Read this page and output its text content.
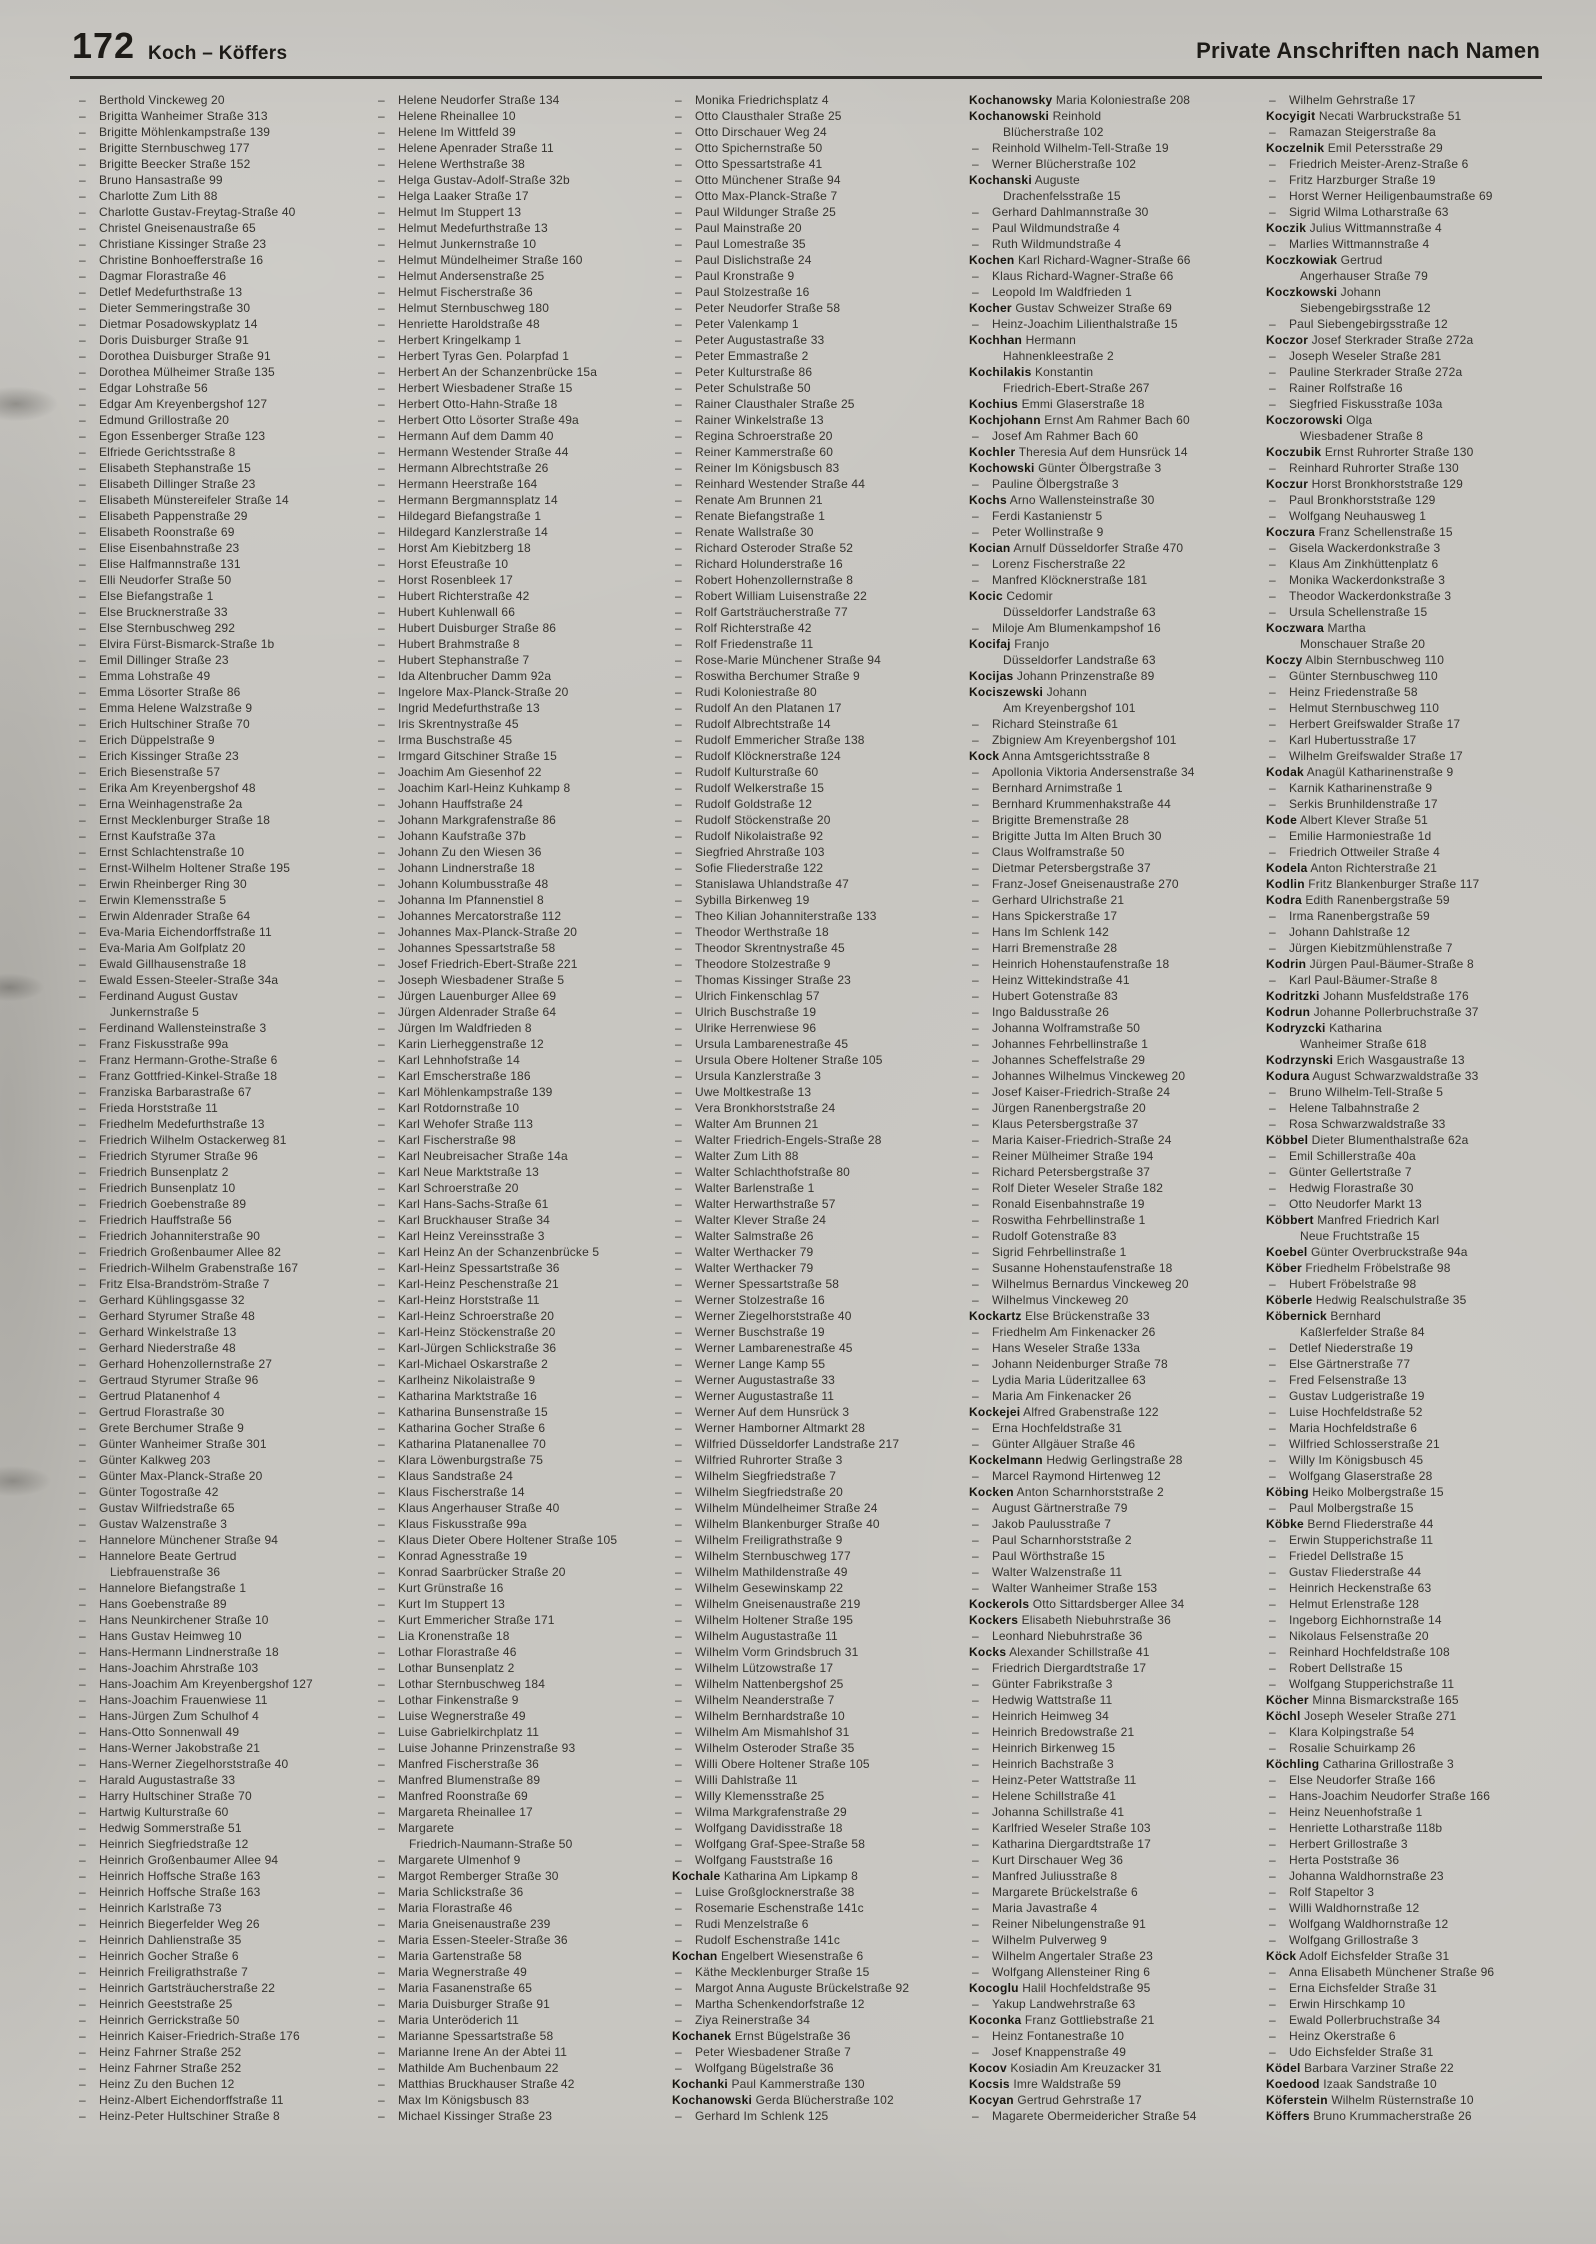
172 Koch – Köffers	Private Anschriften nach Namen
– Berthold Vinckeweg 20
– Brigitta Wanheimer Straße 313
– Brigitte Möhlenkampstraße 139
– Brigitte Sternbuschweg 177
– Brigitte Beecker Straße 152
– Bruno Hansastraße 99
– Charlotte Zum Lith 88
– Charlotte Gustav-Freytag-Straße 40
– Christel Gneisenaustraße 65
– Christiane Kissinger Straße 23
– Christine Bonhoefferstraße 16
– Dagmar Florastraße 46
– Detlef Medefurthstraße 13
– Dieter Semmeringstraße 30
– Dietmar Posadowskyplatz 14
– Doris Duisburger Straße 91
– Dorothea Duisburger Straße 91
– Dorothea Mülheimer Straße 135
– Edgar Lohstraße 56
– Edgar Am Kreyenbergshof 127
– Edmund Grillostraße 20
– Egon Essenberger Straße 123
– Elfriede Gerichtsstraße 8
– Elisabeth Stephanstraße 15
– Elisabeth Dillinger Straße 23
– Elisabeth Münstereifeler Straße 14
– Elisabeth Pappenstraße 29
– Elisabeth Roonstraße 69
– Elise Eisenbahnstraße 23
– Elise Halfmannstraße 131
– Elli Neudorfer Straße 50
– Else Biefangstraße 1
– Else Brucknerstraße 33
– Else Sternbuschweg 292
– Elvira Fürst-Bismarck-Straße 1b
– Emil Dillinger Straße 23
– Emma Lohstraße 49
– Emma Lösorter Straße 86
– Emma Helene Walzstraße 9
– Erich Hultschiner Straße 70
– Erich Düppelstraße 9
– Erich Kissinger Straße 23
– Erich Biesenstraße 57
– Erika Am Kreyenbergshof 48
– Erna Weinhagenstraße 2a
– Ernst Mecklenburger Straße 18
– Ernst Kaufstraße 37a
– Ernst Schlachtenstraße 10
– Ernst-Wilhelm Holtener Straße 195
– Erwin Rheinberger Ring 30
– Erwin Klemensstraße 5
– Erwin Aldenrader Straße 64
– Eva-Maria Eichendorffstraße 11
– Eva-Maria Am Golfplatz 20
– Ewald Gillhausenstraße 18
– Ewald Essen-Steeler-Straße 34a
– Ferdinand August Gustav
Junkernstraße 5
– Ferdinand Wallensteinstraße 3
– Franz Fiskusstraße 99a
– Franz Hermann-Grothe-Straße 6
– Franz Gottfried-Kinkel-Straße 18
– Franziska Barbarastraße 67
– Frieda Horststraße 11
– Friedhelm Medefurthstraße 13
– Friedrich Wilhelm Ostackerweg 81
– Friedrich Styrumer Straße 96
– Friedrich Bunsenplatz 2
– Friedrich Bunsenplatz 10
– Friedrich Goebenstraße 89
– Friedrich Hauffstraße 56
– Friedrich Johanniterstraße 90
– Friedrich Großenbaumer Allee 82
– Friedrich-Wilhelm Grabenstraße 167
– Fritz Elsa-Brandström-Straße 7
– Gerhard Kühlingsgasse 32
– Gerhard Styrumer Straße 48
– Gerhard Winkelstraße 13
– Gerhard Niederstraße 48
– Gerhard Hohenzollernstraße 27
– Gertraud Styrumer Straße 96
– Gertrud Platanenhof 4
– Gertrud Florastraße 30
– Grete Berchumer Straße 9
– Günter Wanheimer Straße 301
– Günter Kalkweg 203
– Günter Max-Planck-Straße 20
– Günter Togostraße 42
– Gustav Wilfriedstraße 65
– Gustav Walzenstraße 3
– Hannelore Münchener Straße 94
– Hannelore Beate Gertrud
Liebfrauenstraße 36
– Hannelore Biefangstraße 1
– Hans Goebenstraße 89
– Hans Neunkirchener Straße 10
– Hans Gustav Heimweg 10
– Hans-Hermann Lindnerstraße 18
– Hans-Joachim Ahrstraße 103
– Hans-Joachim Am Kreyenbergshof 127
– Hans-Joachim Frauenwiese 11
– Hans-Jürgen Zum Schulhof 4
– Hans-Otto Sonnenwall 49
– Hans-Werner Jakobstraße 21
– Hans-Werner Ziegelhorststraße 40
– Harald Augustastraße 33
– Harry Hultschiner Straße 70
– Hartwig Kulturstraße 60
– Hedwig Sommerstraße 51
– Heinrich Siegfriedstraße 12
– Heinrich Großenbaumer Allee 94
– Heinrich Hoffsche Straße 163
– Heinrich Hoffsche Straße 163
– Heinrich Karlstraße 73
– Heinrich Biegerfelder Weg 26
– Heinrich Dahlienstraße 35
– Heinrich Gocher Straße 6
– Heinrich Freiligrathstraße 7
– Heinrich Gartsträucherstraße 22
– Heinrich Geeststraße 25
– Heinrich Gerrickstraße 50
– Heinrich Kaiser-Friedrich-Straße 176
– Heinz Fahrner Straße 252
– Heinz Fahrner Straße 252
– Heinz Zu den Buchen 12
– Heinz-Albert Eichendorffstraße 11
– Heinz-Peter Hultschiner Straße 8
– Helene Neudorfer Straße 134
– Helene Rheinallee 10
– Helene Im Wittfeld 39
– Helene Apenrader Straße 11
– Helene Werthstraße 38
– Helga Gustav-Adolf-Straße 32b
– Helga Laaker Straße 17
– Helmut Im Stuppert 13
– Helmut Medefurthstraße 13
– Helmut Junkernstraße 10
– Helmut Mündelheimer Straße 160
– Helmut Andersenstraße 25
– Helmut Fischerstraße 36
– Helmut Sternbuschweg 180
– Henriette Haroldstraße 48
– Herbert Kringelkamp 1
– Herbert Tyras Gen. Polarpfad 1
– Herbert An der Schanzenbrücke 15a
– Herbert Wiesbadener Straße 15
– Herbert Otto-Hahn-Straße 18
– Herbert Otto Lösorter Straße 49a
– Hermann Auf dem Damm 40
– Hermann Westender Straße 44
– Hermann Albrechtstraße 26
– Hermann Heerstraße 164
– Hermann Bergmannsplatz 14
– Hildegard Biefangstraße 1
– Hildegard Kanzlerstraße 14
– Horst Am Kiebitzberg 18
– Horst Efeustraße 10
– Horst Rosenbleek 17
– Hubert Richterstraße 42
– Hubert Kuhlenwall 66
– Hubert Duisburger Straße 86
– Hubert Brahmstraße 8
– Hubert Stephanstraße 7
– Ida Altenbrucher Damm 92a
– Ingelore Max-Planck-Straße 20
– Ingrid Medefurthstraße 13
– Iris Skrentnystraße 45
– Irma Buschstraße 45
– Irmgard Gitschiner Straße 15
– Joachim Am Giesenhof 22
– Joachim Karl-Heinz Kuhkamp 8
– Johann Hauffstraße 24
– Johann Markgrafenstraße 86
– Johann Kaufstraße 37b
– Johann Zu den Wiesen 36
– Johann Lindnerstraße 18
– Johann Kolumbusstraße 48
– Johanna Im Pfannenstiel 8
– Johannes Mercatorstraße 112
– Johannes Max-Planck-Straße 20
– Johannes Spessartstraße 58
– Josef Friedrich-Ebert-Straße 221
– Joseph Wiesbadener Straße 5
– Jürgen Lauenburger Allee 69
– Jürgen Aldenrader Straße 64
– Jürgen Im Waldfrieden 8
– Karin Lierheggenstraße 12
– Karl Lehnhofstraße 14
– Karl Emscherstraße 186
– Karl Möhlenkampstraße 139
– Karl Rotdornstraße 10
– Karl Wehofer Straße 113
– Karl Fischerstraße 98
– Karl Neubreisacher Straße 14a
– Karl Neue Marktstraße 13
– Karl Schroerstraße 20
– Karl Hans-Sachs-Straße 61
– Karl Bruckhauser Straße 34
– Karl Heinz Vereinsstraße 3
– Karl Heinz An der Schanzenbrücke 5
– Karl-Heinz Spessartstraße 36
– Karl-Heinz Peschenstraße 21
– Karl-Heinz Horststraße 11
– Karl-Heinz Schroerstraße 20
– Karl-Heinz Stöckenstraße 20
– Karl-Jürgen Schlickstraße 36
– Karl-Michael Oskarstraße 2
– Karlheinz Nikolaistraße 9
– Katharina Marktstraße 16
– Katharina Bunsenstraße 15
– Katharina Gocher Straße 6
– Katharina Platanenallee 70
– Klara Löwenburgstraße 75
– Klaus Sandstraße 24
– Klaus Fischerstraße 14
– Klaus Angerhauser Straße 40
– Klaus Fiskusstraße 99a
– Klaus Dieter Obere Holtener Straße 105
– Konrad Agnesstraße 19
– Konrad Saarbrücker Straße 20
– Kurt Grünstraße 16
– Kurt Im Stuppert 13
– Kurt Emmericher Straße 171
– Lia Kronenstraße 18
– Lothar Florastraße 46
– Lothar Bunsenplatz 2
– Lothar Sternbuschweg 184
– Lothar Finkenstraße 9
– Luise Wegnerstraße 49
– Luise Gabrielkirchplatz 11
– Luise Johanne Prinzenstraße 93
– Manfred Fischerstraße 36
– Manfred Blumenstraße 89
– Manfred Roonstraße 69
– Margareta Rheinallee 17
– Margarete
Friedrich-Naumann-Straße 50
– Margarete Ulmenhof 9
– Margot Remberger Straße 30
– Maria Schlickstraße 36
– Maria Florastraße 46
– Maria Gneisenaustraße 239
– Maria Essen-Steeler-Straße 36
– Maria Gartenstraße 58
– Maria Wegnerstraße 49
– Maria Fasanenstraße 65
– Maria Duisburger Straße 91
– Maria Unteröderich 11
– Marianne Spessartstraße 58
– Marianne Irene An der Abtei 11
– Mathilde Am Buchenbaum 22
– Matthias Bruckhauser Straße 42
– Max Im Königsbusch 83
– Michael Kissinger Straße 23
– Monika Friedrichsplatz 4
– Otto Clausthaler Straße 25
– Otto Dirschauer Weg 24
– Otto Spichernstraße 50
– Otto Spessartstraße 41
– Otto Münchener Straße 94
– Otto Max-Planck-Straße 7
– Paul Wildunger Straße 25
– Paul Mainstraße 20
– Paul Lomestraße 35
– Paul Dislichstraße 24
– Paul Kronstraße 9
– Paul Stolzestraße 16
– Peter Neudorfer Straße 58
– Peter Valenkamp 1
– Peter Augustastraße 33
– Peter Emmastraße 2
– Peter Kulturstraße 86
– Peter Schulstraße 50
– Rainer Clausthaler Straße 25
– Rainer Winkelstraße 13
– Regina Schroerstraße 20
– Reiner Kammerstraße 60
– Reiner Im Königsbusch 83
– Reinhard Westender Straße 44
– Renate Am Brunnen 21
– Renate Biefangstraße 1
– Renate Wallstraße 30
– Richard Osteroder Straße 52
– Richard Holunderstraße 16
– Robert Hohenzollernstraße 8
– Robert William Luisenstraße 22
– Rolf Gartsträucherstraße 77
– Rolf Richterstraße 42
– Rolf Friedenstraße 11
– Rose-Marie Münchener Straße 94
– Roswitha Berchumer Straße 9
– Rudi Koloniestraße 80
– Rudolf An den Platanen 17
– Rudolf Albrechtstraße 14
– Rudolf Emmericher Straße 138
– Rudolf Klöcknerstraße 124
– Rudolf Kulturstraße 60
– Rudolf Welkerstraße 15
– Rudolf Goldstraße 12
– Rudolf Stöckenstraße 20
– Rudolf Nikolaistraße 92
– Siegfried Ahrstraße 103
– Sofie Fliederstraße 122
– Stanislawa Uhlandstraße 47
– Sybilla Birkenweg 19
– Theo Kilian Johanniterstraße 133
– Theodor Werthstraße 18
– Theodor Skrentnystraße 45
– Theodore Stolzestraße 9
– Thomas Kissinger Straße 23
– Ulrich Finkenschlag 57
– Ulrich Buschstraße 19
– Ulrike Herrenwiese 96
– Ursula Lambarenestraße 45
– Ursula Obere Holtener Straße 105
– Ursula Kanzlerstraße 3
– Uwe Moltkestraße 13
– Vera Bronkhorststraße 24
– Walter Am Brunnen 21
– Walter Friedrich-Engels-Straße 28
– Walter Zum Lith 88
– Walter Schlachthofstraße 80
– Walter Barlenstraße 1
– Walter Herwarthstraße 57
– Walter Klever Straße 24
– Walter Salmstraße 26
– Walter Werthacker 79
– Walter Werthacker 79
– Werner Spessartstraße 58
– Werner Stolzestraße 16
– Werner Ziegelhorststraße 40
– Werner Buschstraße 19
– Werner Lambarenestraße 45
– Werner Lange Kamp 55
– Werner Augustastraße 33
– Werner Augustastraße 11
– Werner Auf dem Hunsrück 3
– Werner Hamborner Altmarkt 28
– Wilfried Düsseldorfer Landstraße 217
– Wilfried Ruhrorter Straße 3
– Wilhelm Siegfriedstraße 7
– Wilhelm Siegfriedstraße 20
– Wilhelm Mündelheimer Straße 24
– Wilhelm Blankenburger Straße 40
– Wilhelm Freiligrathstraße 9
– Wilhelm Sternbuschweg 177
– Wilhelm Mathildenstraße 49
– Wilhelm Gesewinskamp 22
– Wilhelm Gneisenaustraße 219
– Wilhelm Holtener Straße 195
– Wilhelm Augustastraße 11
– Wilhelm Vorm Grindsbruch 31
– Wilhelm Lützowstraße 17
– Wilhelm Nattenbergshof 25
– Wilhelm Neanderstraße 7
– Wilhelm Bernhardstraße 10
– Wilhelm Am Mismahlshof 31
– Wilhelm Osteroder Straße 35
– Willi Obere Holtener Straße 105
– Willi Dahlstraße 11
– Willy Klemensstraße 25
– Wilma Markgrafenstraße 29
– Wolfgang Davidisstraße 18
– Wolfgang Graf-Spee-Straße 58
– Wolfgang Fauststraße 16
Kochale Katharina Am Lipkamp 8
– Luise Großglocknerstraße 38
– Rosemarie Eschenstraße 141c
– Rudi Menzelstraße 6
– Rudolf Eschenstraße 141c
Kochan Engelbert Wiesenstraße 6
– Käthe Mecklenburger Straße 15
– Margot Anna Auguste Brückelstraße 92
– Martha Schenkendorfstraße 12
– Ziya Reinerstraße 34
Kochanek Ernst Bügelstraße 36
– Peter Wiesbadener Straße 7
– Wolfgang Bügelstraße 36
Kochanki Paul Kammerstraße 130
Kochanowski Gerda Blücherstraße 102
– Gerhard Im Schlenk 125
Kochanowsky Maria Koloniestraße 208
Kochanowski Reinhold
Blücherstraße 102
– Reinhold Wilhelm-Tell-Straße 19
– Werner Blücherstraße 102
Kochanski Auguste
Drachenfelsstraße 15
– Gerhard Dahlmannstraße 30
– Paul Wildmundstraße 4
– Ruth Wildmundstraße 4
Kochen Karl Richard-Wagner-Straße 66
– Klaus Richard-Wagner-Straße 66
– Leopold Im Waldfrieden 1
Kocher Gustav Schweizer Straße 69
– Heinz-Joachim Lilienthalstraße 15
Kochhan Hermann
Hahnenkleestraße 2
Kochilakis Konstantin
Friedrich-Ebert-Straße 267
Kochius Emmi Glaserstraße 18
Kochjohann Ernst Am Rahmer Bach 60
– Josef Am Rahmer Bach 60
Kochler Theresia Auf dem Hunsrück 14
Kochowski Günter Ölbergstraße 3
– Pauline Ölbergstraße 3
Kochs Arno Wallensteinstraße 30
– Ferdi Kastanienstr 5
– Peter Wollinstraße 9
Kocian Arnulf Düsseldorfer Straße 470
– Lorenz Fischerstraße 22
– Manfred Klöcknerstraße 181
Kocic Cedomir
Düsseldorfer Landstraße 63
– Miloje Am Blumenkampshof 16
Kocifaj Franjo
Düsseldorfer Landstraße 63
Kocijas Johann Prinzenstraße 89
Kociszewski Johann
Am Kreyenbergshof 101
– Richard Steinstraße 61
– Zbigniew Am Kreyenbergshof 101
Kock Anna Amtsgerichtsstraße 8
– Apollonia Viktoria Andersenstraße 34
– Bernhard Arnimstraße 1
– Bernhard Krummenhakstraße 44
– Brigitte Bremenstraße 28
– Brigitte Jutta Im Alten Bruch 30
– Claus Wolframstraße 50
– Dietmar Petersbergstraße 37
– Franz-Josef Gneisenaustraße 270
– Gerhard Ulrichstraße 21
– Hans Spickerstraße 17
– Hans Im Schlenk 142
– Harri Bremenstraße 28
– Heinrich Hohenstaufenstraße 18
– Heinz Wittekindstraße 41
– Hubert Gotenstraße 83
– Ingo Baldusstraße 26
– Johanna Wolframstraße 50
– Johannes Fehrbellinstraße 1
– Johannes Scheffelstraße 29
– Johannes Wilhelmus Vinckeweg 20
– Josef Kaiser-Friedrich-Straße 24
– Jürgen Ranenbergstraße 20
– Klaus Petersbergstraße 37
– Maria Kaiser-Friedrich-Straße 24
– Reiner Mülheimer Straße 194
– Richard Petersbergstraße 37
– Rolf Dieter Weseler Straße 182
– Ronald Eisenbahnstraße 19
– Roswitha Fehrbellinstraße 1
– Rudolf Gotenstraße 83
– Sigrid Fehrbellinstraße 1
– Susanne Hohenstaufenstraße 18
– Wilhelmus Bernardus Vinckeweg 20
– Wilhelmus Vinckeweg 20
Kockartz Else Brückenstraße 33
– Friedhelm Am Finkenacker 26
– Hans Weseler Straße 133a
– Johann Neidenburger Straße 78
– Lydia Maria Lüderitzallee 63
– Maria Am Finkenacker 26
Kockejei Alfred Grabenstraße 122
– Erna Hochfeldstraße 31
– Günter Allgäuer Straße 46
Kockelmann Hedwig Gerlingstraße 28
– Marcel Raymond Hirtenweg 12
Kocken Anton Scharnhorststraße 2
– August Gärtnerstraße 79
– Jakob Paulusstraße 7
– Paul Scharnhorststraße 2
– Paul Wörthstraße 15
– Walter Walzenstraße 11
– Walter Wanheimer Straße 153
Kockerols Otto Sittardsberger Allee 34
Kockers Elisabeth Niebuhrstraße 36
– Leonhard Niebuhrstraße 36
Kocks Alexander Schillstraße 41
– Friedrich Diergardtstraße 17
– Günter Fabrikstraße 3
– Hedwig Wattstraße 11
– Heinrich Heimweg 34
– Heinrich Bredowstraße 21
– Heinrich Birkenweg 15
– Heinrich Bachstraße 3
– Heinz-Peter Wattstraße 11
– Helene Schillstraße 41
– Johanna Schillstraße 41
– Karlfried Weseler Straße 103
– Katharina Diergardtstraße 17
– Kurt Dirschauer Weg 36
– Manfred Juliusstraße 8
– Margarete Brückelstraße 6
– Maria Javastraße 4
– Reiner Nibelungenstraße 91
– Wilhelm Pulverweg 9
– Wilhelm Angertaler Straße 23
– Wolfgang Allensteiner Ring 6
Kocoglu Halil Hochfeldstraße 95
– Yakup Landwehrstraße 63
Koconka Franz Gottliebstraße 21
– Heinz Fontanestraße 10
– Josef Knappenstraße 49
Kocov Kosiadin Am Kreuzacker 31
Kocsis Imre Waldstraße 59
Kocyan Gertrud Gehrstraße 17
– Magarete Obermeidericher Straße 54
– Wilhelm Gehrstraße 17
Kocyigit Necati Warbruckstraße 51
– Ramazan Steigerstraße 8a
Koczelnik Emil Petersstraße 29
– Friedrich Meister-Arenz-Straße 6
– Fritz Harzburger Straße 19
– Horst Werner Heiligenbaumstraße 69
– Sigrid Wilma Lotharstraße 63
Koczik Julius Wittmannstraße 4
– Marlies Wittmannstraße 4
Koczkowiak Gertrud
Angerhauser Straße 79
Koczkowski Johann
Siebengebirgsstraße 12
– Paul Siebengebirgsstraße 12
Koczor Josef Sterkrader Straße 272a
– Joseph Weseler Straße 281
– Pauline Sterkrader Straße 272a
– Rainer Rolfstraße 16
– Siegfried Fiskusstraße 103a
Koczorowski Olga
Wiesbadener Straße 8
Koczubik Ernst Ruhrorter Straße 130
– Reinhard Ruhrorter Straße 130
Koczur Horst Bronkhorststraße 129
– Paul Bronkhorststraße 129
– Wolfgang Neuhausweg 1
Koczura Franz Schellenstraße 15
– Gisela Wackerdonkstraße 3
– Klaus Am Zinkhüttenplatz 6
– Monika Wackerdonkstraße 3
– Theodor Wackerdonkstraße 3
– Ursula Schellenstraße 15
Koczwara Martha
Monschauer Straße 20
Koczy Albin Sternbuschweg 110
– Günter Sternbuschweg 110
– Heinz Friedenstraße 58
– Helmut Sternbuschweg 110
– Herbert Greifswalder Straße 17
– Karl Hubertusstraße 17
– Wilhelm Greifswalder Straße 17
Kodak Anagül Katharinenstraße 9
– Karnik Katharinenstraße 9
– Serkis Brunhildenstraße 17
Kode Albert Klever Straße 51
– Emilie Harmoniestraße 1d
– Friedrich Ottweiler Straße 4
Kodela Anton Richterstraße 21
Kodlin Fritz Blankenburger Straße 117
Kodra Edith Ranenbergstraße 59
– Irma Ranenbergstraße 59
– Johann Dahlstraße 12
– Jürgen Kiebitzmühlenstraße 7
Kodrin Jürgen Paul-Bäumer-Straße 8
– Karl Paul-Bäumer-Straße 8
Kodritzki Johann Musfeldstraße 176
Kodrun Johanne Pollerbruchstraße 37
Kodryzcki Katharina
Wanheimer Straße 618
Kodrzynski Erich Wasgaustraße 13
Kodura August Schwarzwaldstraße 33
– Bruno Wilhelm-Tell-Straße 5
– Helene Talbahnstraße 2
– Rosa Schwarzwaldstraße 33
Köbbel Dieter Blumenthalstraße 62a
– Emil Schillerstraße 40a
– Günter Gellertstraße 7
– Hedwig Florastraße 30
– Otto Neudorfer Markt 13
Köbbert Manfred Friedrich Karl
Neue Fruchtstraße 15
Koebel Günter Overbruckstraße 94a
Köber Friedhelm Fröbelstraße 98
– Hubert Fröbelstraße 98
Köberle Hedwig Realschulstraße 35
Köbernick Bernhard
Kaßlerfelder Straße 84
– Detlef Niederstraße 19
– Else Gärtnerstraße 77
– Fred Felsenstraße 13
– Gustav Ludgeristraße 19
– Luise Hochfeldstraße 52
– Maria Hochfeldstraße 6
– Wilfried Schlosserstraße 21
– Willy Im Königsbusch 45
– Wolfgang Glaserstraße 28
Köbing Heiko Molbergstraße 15
– Paul Molbergstraße 15
Köbke Bernd Fliederstraße 44
– Erwin Stupperichstraße 11
– Friedel Dellstraße 15
– Gustav Fliederstraße 44
– Heinrich Heckenstraße 63
– Helmut Erlenstraße 128
– Ingeborg Eichhornstraße 14
– Nikolaus Felsenstraße 20
– Reinhard Hochfeldstraße 108
– Robert Dellstraße 15
– Wolfgang Stupperichstraße 11
Köcher Minna Bismarckstraße 165
Köchl Joseph Weseler Straße 271
– Klara Kolpingstraße 54
– Rosalie Schuirkamp 26
Köchling Catharina Grillostraße 3
– Else Neudorfer Straße 166
– Hans-Joachim Neudorfer Straße 166
– Heinz Neuenhofstraße 1
– Henriette Lotharstraße 118b
– Herbert Grillostraße 3
– Herta Poststraße 36
– Johanna Waldhornstraße 23
– Rolf Stapeltor 3
– Willi Waldhornstraße 12
– Wolfgang Waldhornstraße 12
– Wolfgang Grillostraße 3
Köck Adolf Eichsfelder Straße 31
– Anna Elisabeth Münchener Straße 96
– Erna Eichsfelder Straße 31
– Erwin Hirschkamp 10
– Ewald Pollerbruchstraße 34
– Heinz Okerstraße 6
– Udo Eichsfelder Straße 31
Ködel Barbara Varziner Straße 22
Koedood Izaak Sandstraße 10
Köferstein Wilhelm Rüsternstraße 10
Köffers Bruno Krummacherstraße 26
